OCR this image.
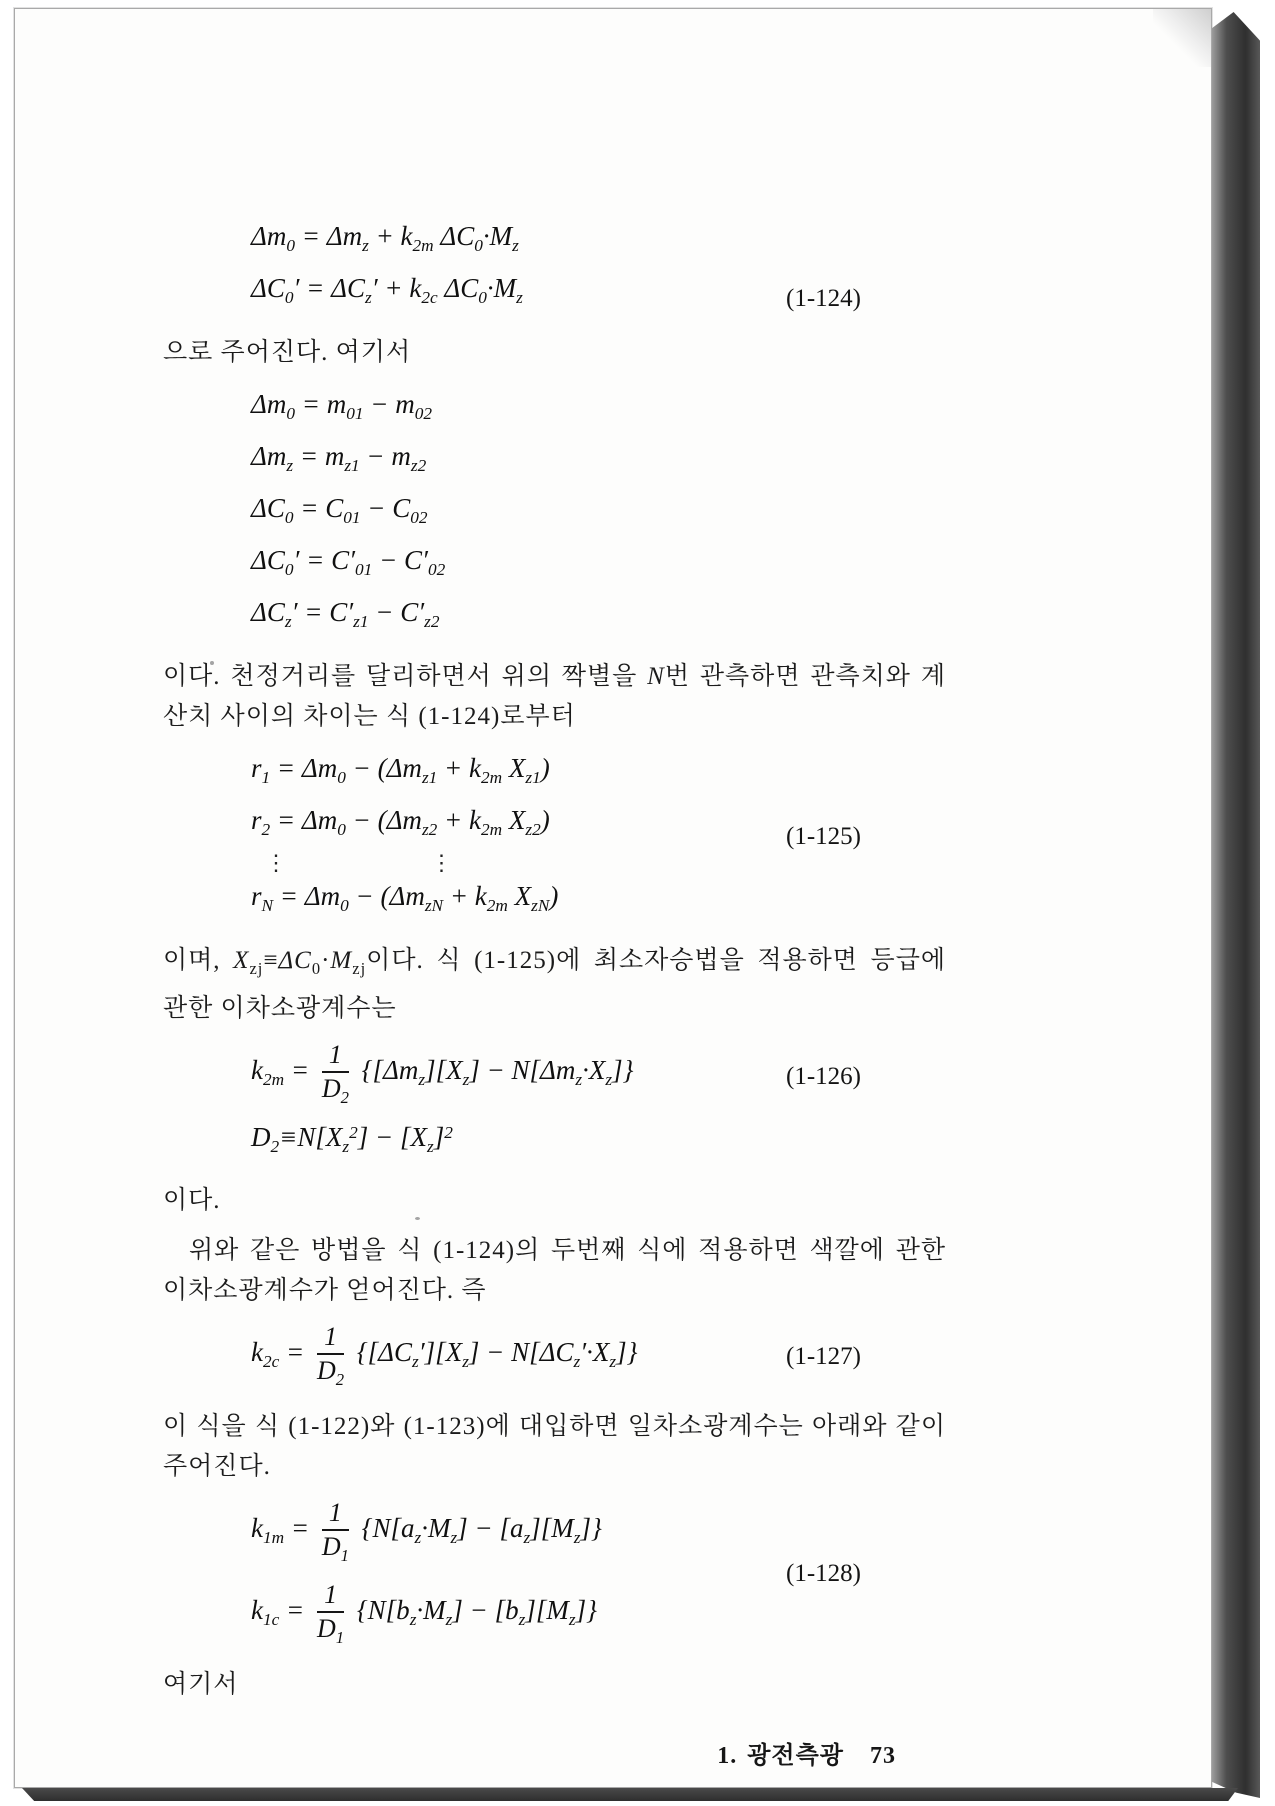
$\Delta m_0 = \Delta m_z + k_{2m}$ $\Delta C_0\cdot M_z$
$\Delta C_0' = \Delta C_z' + k_{2c}$ $\Delta C_0\cdot M_z$	(1-124)

으로 주어진다. 여기서

$\Delta m_0 = m_{01} - m_{02}$
$\Delta m_z = m_{z1} - m_{z2}$
$\Delta C_0 = C_{01} - C_{02}$
$\Delta C_0' = C'_{01} - C'_{02}$
$\Delta C_z' = C'_{z1} - C'_{z2}$

이다. 천정거리를 달리하면서 위의 짝별을 N번 관측하면 관측치와 계산치 사이의 차이는 식 (1-124)로부터

$r_1 = \Delta m_0 - (\Delta m_{z1} + k_{2m}$ $X_{z1}$)
$r_2 = \Delta m_0 - (\Delta m_{z2} + k_{2m}$ $X_{z2}$)
⋮	⋮
$r_N = \Delta m_0 - (\Delta m_{zN} + k_{2m}$ $X_{zN}$)
(1-125)

이며, $X_{zj}\equiv\Delta C_0\cdot M_{zj}$이다. 식 (1-125)에 최소자승법을 적용하면 등급에 관한 이차소광계수는

$k_{2m} = \frac{1}{D_2} \{[\Delta m_z][X_z] - N[\Delta m_z\cdot X_z]\}$
$D_2\equiv N[X_z^2] - [X_z]^2$
(1-126)

이다.

위와 같은 방법을 식 (1-124)의 두번째 식에 적용하면 색깔에 관한 이차소광계수가 얻어진다. 즉

$k_{2c} = \frac{1}{D_2} \{[\Delta C_z'][X_z] - N[\Delta C_z'\cdot X_z]\}$	(1-127)

이 식을 식 (1-122)와 (1-123)에 대입하면 일차소광계수는 아래와 같이 주어진다.

$k_{1m} = \frac{1}{D_1} \{N[a_z\cdot M_z] - [a_z][M_z]\}$
$k_{1c} = \frac{1}{D_1} \{N[b_z\cdot M_z] - [b_z][M_z]\}$
(1-128)

여기서

1. 광전측광 73
